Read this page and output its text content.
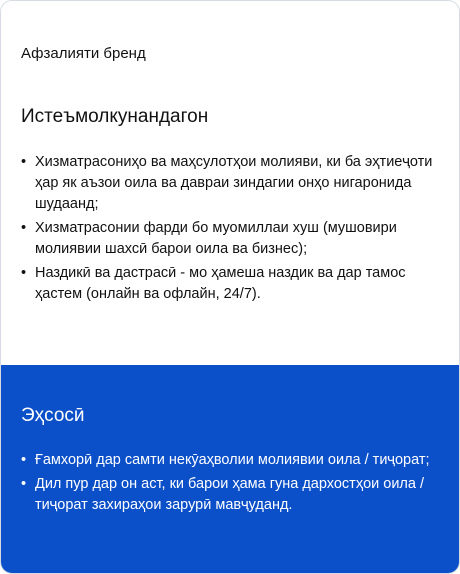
Афзалияти бренд

Истеъмолкунандагон
• Хизматрасониҳо ва маҳсулотҳои молияви, ки ба эҳтиеҷоти ҳар як аъзои оила ва давраи зиндагии онҳо нигаронида шудаанд;
• Хизматрасонии фарди бо муомиллаи хуш (мушовири молиявии шахсӣ барои оила ва бизнес);
• Наздикӣ ва дастрасӣ - мо ҳамеша наздик ва дар тамос ҳастем (онлайн ва офлайн, 24/7).
Эҳсосӣ
• Ғамхорӣ дар самти некӯаҳволии молиявии оила / тиҷорат;
• Дил пур дар он аст, ки барои ҳама гуна дархостҳои оила / тиҷорат захираҳои зарурӣ мавҷуданд.
